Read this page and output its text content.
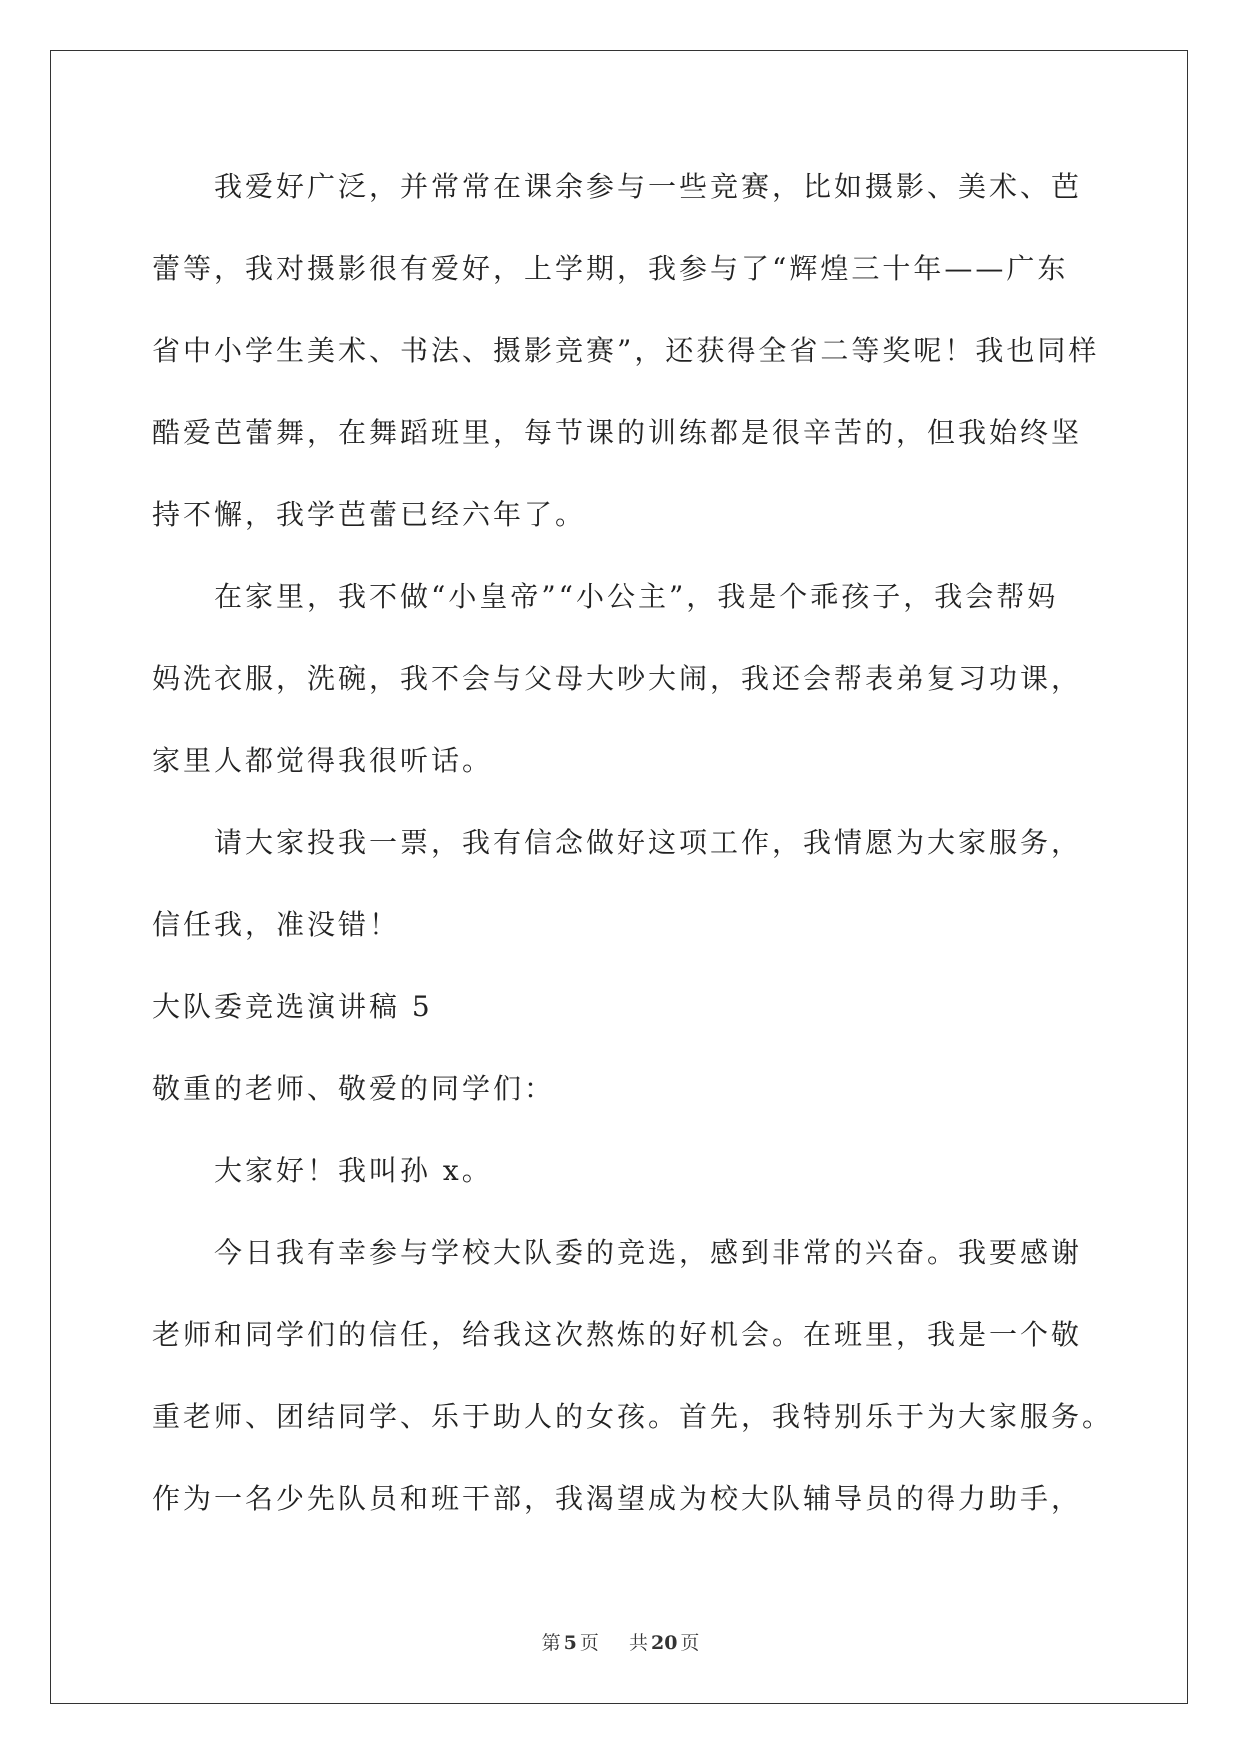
我爱好广泛，并常常在课余参与一些竞赛，比如摄影、美术、芭
蕾等，我对摄影很有爱好，上学期，我参与了“辉煌三十年——广东
省中小学生美术、书法、摄影竞赛”，还获得全省二等奖呢！我也同样
酷爱芭蕾舞，在舞蹈班里，每节课的训练都是很辛苦的，但我始终坚
持不懈，我学芭蕾已经六年了。
在家里，我不做“小皇帝”“小公主”，我是个乖孩子，我会帮妈
妈洗衣服，洗碗，我不会与父母大吵大闹，我还会帮表弟复习功课，
家里人都觉得我很听话。
请大家投我一票，我有信念做好这项工作，我情愿为大家服务，
信任我，准没错！
大队委竞选演讲稿 5
敬重的老师、敬爱的同学们：
大家好！我叫孙 x。
今日我有幸参与学校大队委的竞选，感到非常的兴奋。我要感谢
老师和同学们的信任，给我这次熬炼的好机会。在班里，我是一个敬
重老师、团结同学、乐于助人的女孩。首先，我特别乐于为大家服务。
作为一名少先队员和班干部，我渴望成为校大队辅导员的得力助手，
第 5 页 共 20 页
